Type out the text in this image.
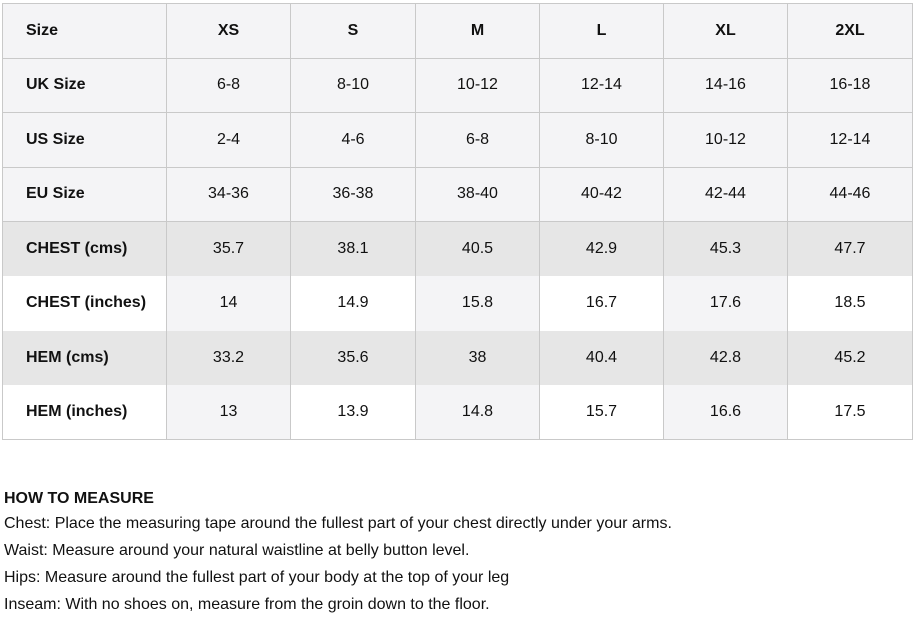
Size	XS	S	M	L	XL	2XL
UK Size	6-8	8-10	10-12	12-14	14-16	16-18
US Size	2-4	4-6	6-8	8-10	10-12	12-14
EU Size	34-36	36-38	38-40	40-42	42-44	44-46
CHEST (cms)	35.7	38.1	40.5	42.9	45.3	47.7
CHEST (inches)	14	14.9	15.8	16.7	17.6	18.5
HEM (cms)	33.2	35.6	38	40.4	42.8	45.2
HEM (inches)	13	13.9	14.8	15.7	16.6	17.5

HOW TO MEASURE

Chest: Place the measuring tape around the fullest part of your chest directly under your arms.

Waist: Measure around your natural waistline at belly button level.

Hips: Measure around the fullest part of your body at the top of your leg

Inseam: With no shoes on, measure from the groin down to the floor.
